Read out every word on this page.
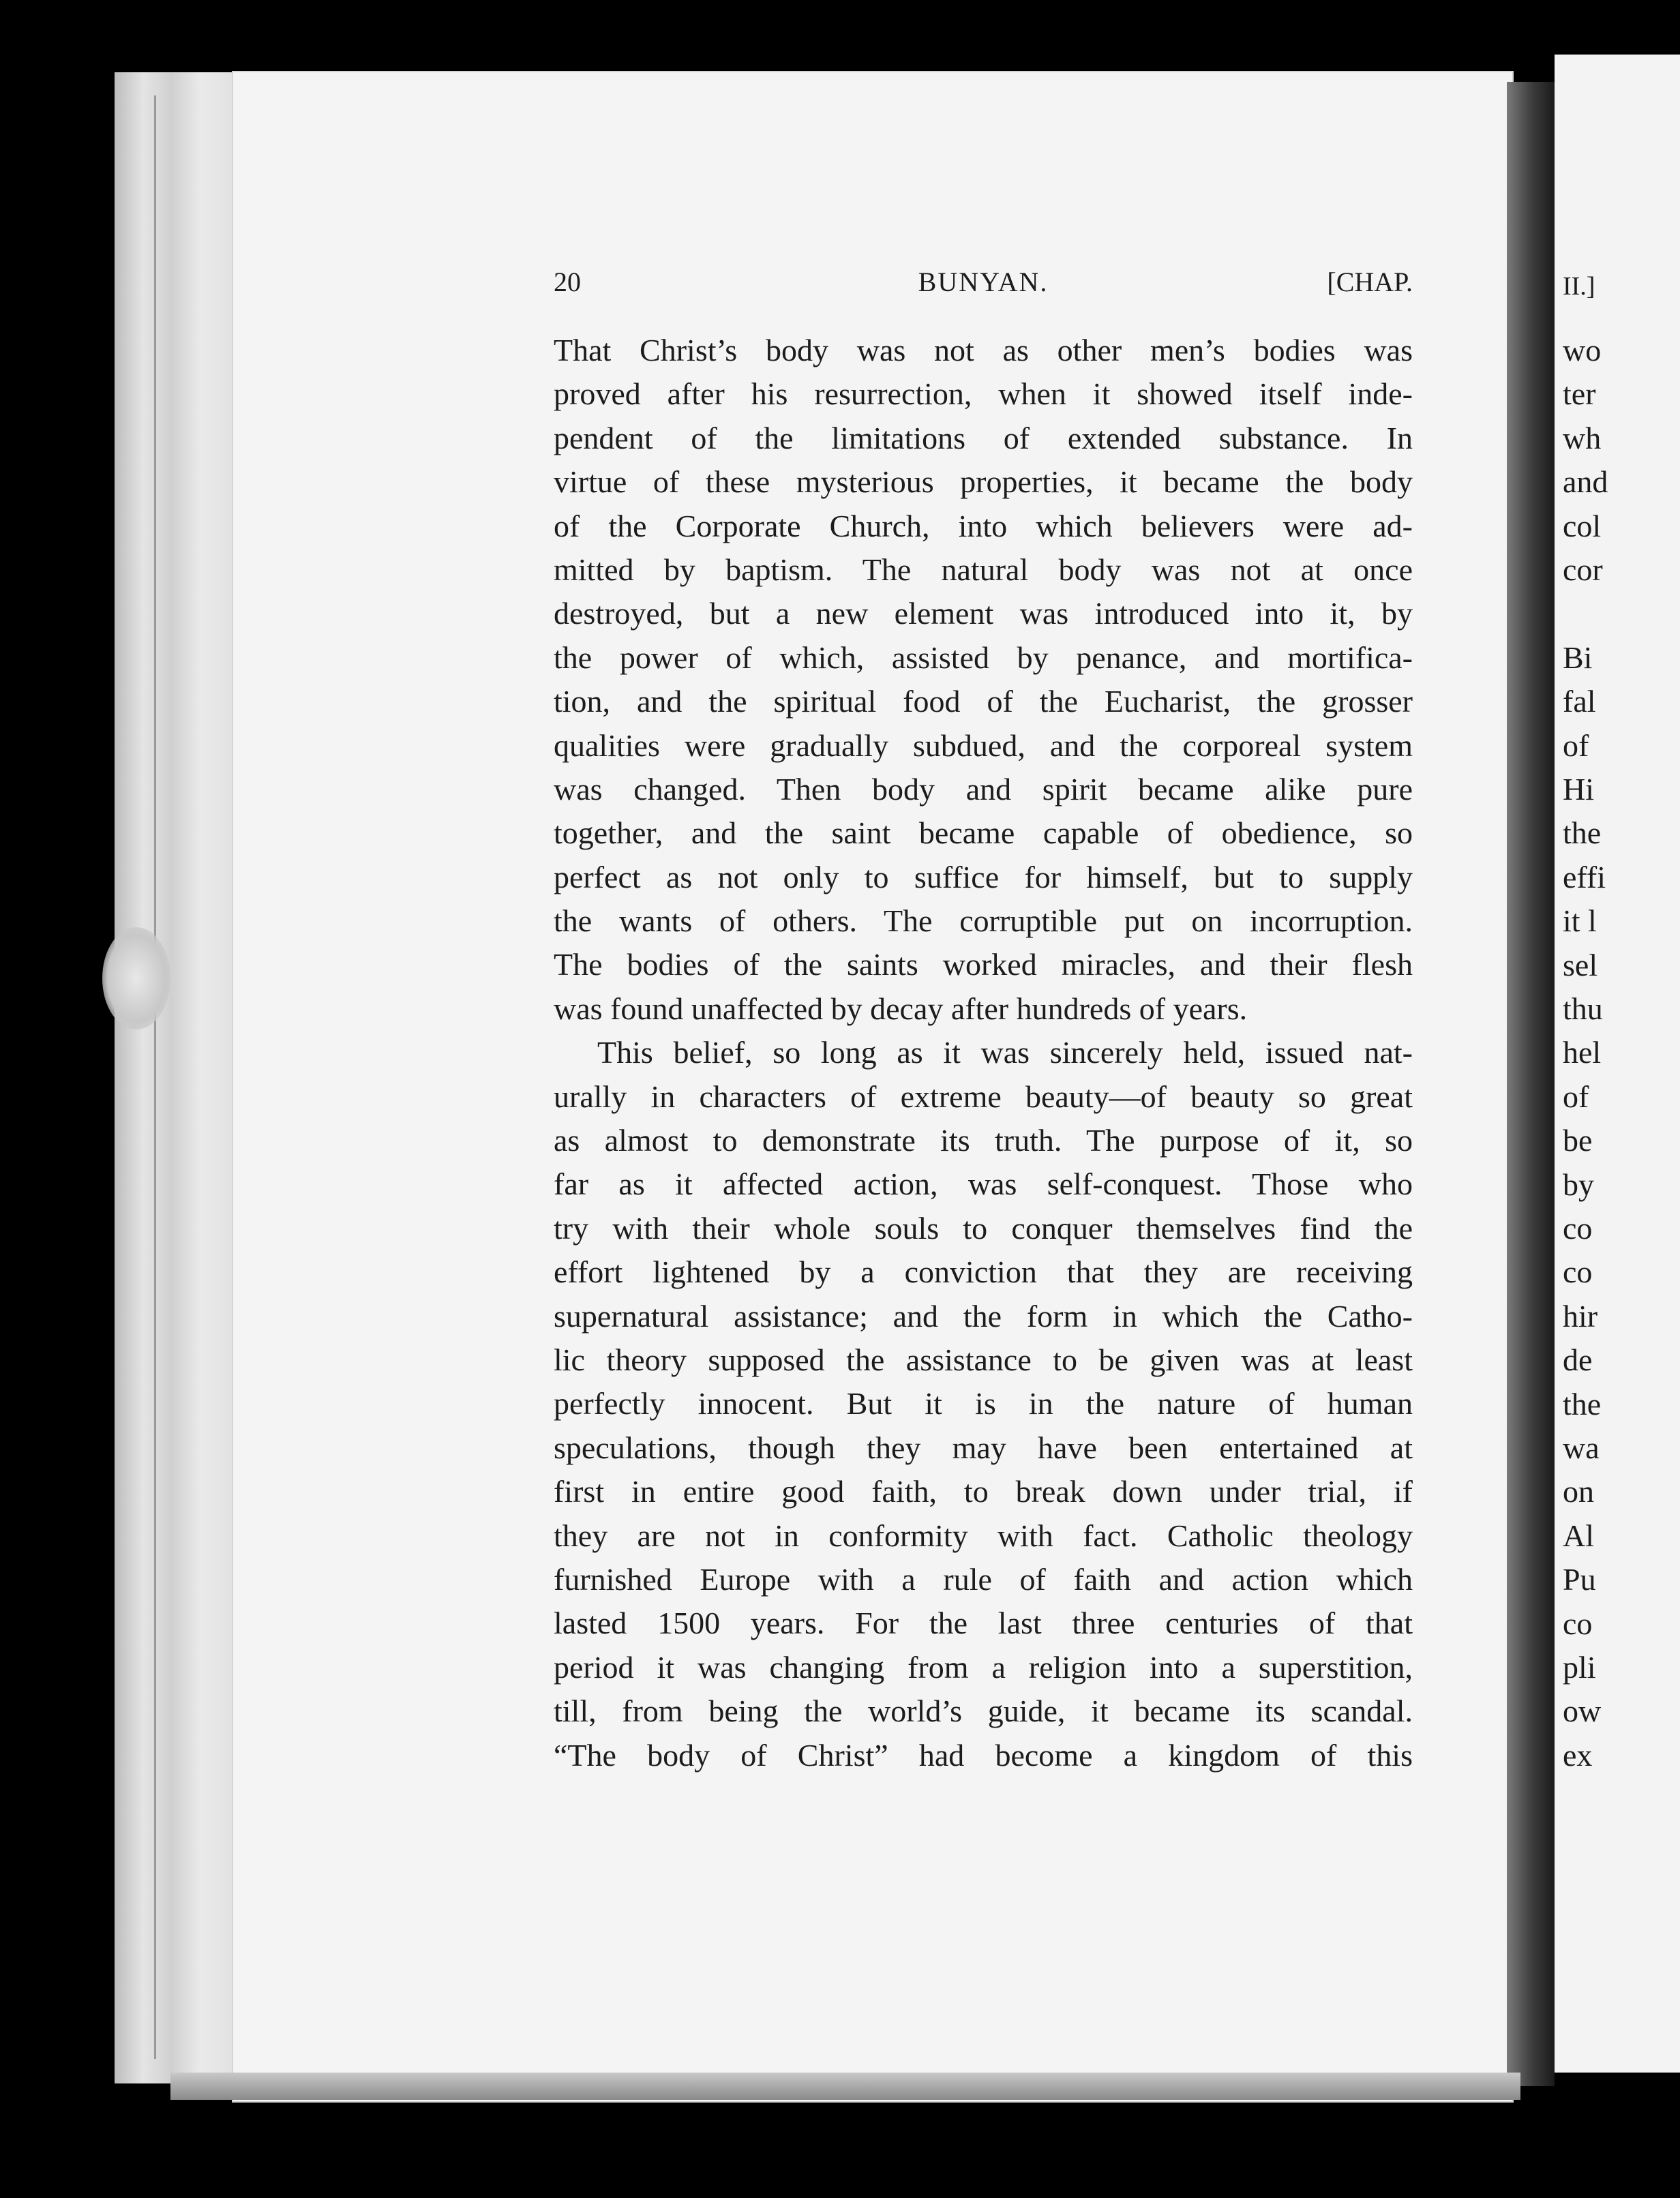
20	BUNYAN.	[CHAP.
That Christ’s body was not as other men’s bodies was
proved after his resurrection, when it showed itself inde-
pendent of the limitations of extended substance. In
virtue of these mysterious properties, it became the body
of the Corporate Church, into which believers were ad-
mitted by baptism. The natural body was not at once
destroyed, but a new element was introduced into it, by
the power of which, assisted by penance, and mortifica-
tion, and the spiritual food of the Eucharist, the grosser
qualities were gradually subdued, and the corporeal system
was changed. Then body and spirit became alike pure
together, and the saint became capable of obedience, so
perfect as not only to suffice for himself, but to supply
the wants of others. The corruptible put on incorruption.
The bodies of the saints worked miracles, and their flesh
was found unaffected by decay after hundreds of years.
This belief, so long as it was sincerely held, issued nat-
urally in characters of extreme beauty—of beauty so great
as almost to demonstrate its truth. The purpose of it, so
far as it affected action, was self-conquest. Those who
try with their whole souls to conquer themselves find the
effort lightened by a conviction that they are receiving
supernatural assistance; and the form in which the Catho-
lic theory supposed the assistance to be given was at least
perfectly innocent. But it is in the nature of human
speculations, though they may have been entertained at
first in entire good faith, to break down under trial, if
they are not in conformity with fact. Catholic theology
furnished Europe with a rule of faith and action which
lasted 1500 years. For the last three centuries of that
period it was changing from a religion into a superstition,
till, from being the world’s guide, it became its scandal.
“The body of Christ” had become a kingdom of this
II.]
wo
ter
wh
and
col
cor
Bi
fal
of
Hi
the
effi
it l
sel
thu
hel
of
be
by
co
co
hir
de
the
wa
on
Al
Pu
co
pli
ow
ex
